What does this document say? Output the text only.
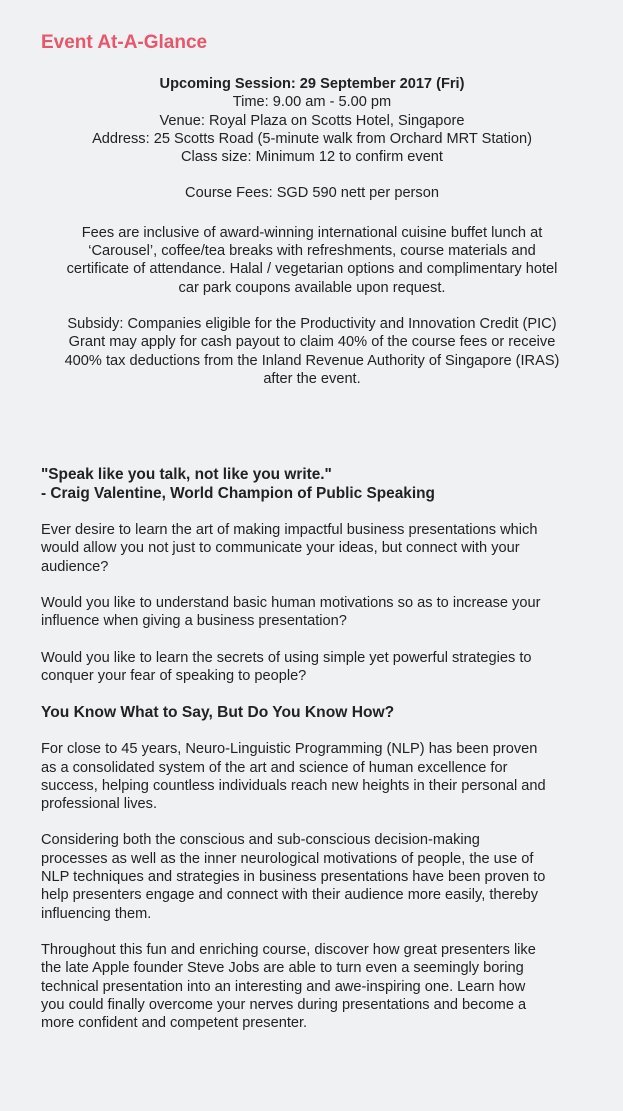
Event At-A-Glance
Upcoming Session: 29 September 2017 (Fri)
Time: 9.00 am - 5.00 pm
Venue: Royal Plaza on Scotts Hotel, Singapore
Address: 25 Scotts Road (5-minute walk from Orchard MRT Station)
Class size: Minimum 12 to confirm event
Course Fees: SGD 590 nett per person
Fees are inclusive of award-winning international cuisine buffet lunch at
‘Carousel’, coffee/tea breaks with refreshments, course materials and
certificate of attendance. Halal / vegetarian options and complimentary hotel
car park coupons available upon request.
Subsidy: Companies eligible for the Productivity and Innovation Credit (PIC)
Grant may apply for cash payout to claim 40% of the course fees or receive
400% tax deductions from the Inland Revenue Authority of Singapore (IRAS)
after the event.
"Speak like you talk, not like you write."
- Craig Valentine, World Champion of Public Speaking

Ever desire to learn the art of making impactful business presentations which
would allow you not just to communicate your ideas, but connect with your
audience?

Would you like to understand basic human motivations so as to increase your
influence when giving a business presentation?

Would you like to learn the secrets of using simple yet powerful strategies to
conquer your fear of speaking to people?

You Know What to Say, But Do You Know How?

For close to 45 years, Neuro-Linguistic Programming (NLP) has been proven
as a consolidated system of the art and science of human excellence for
success, helping countless individuals reach new heights in their personal and
professional lives.

Considering both the conscious and sub-conscious decision-making
processes as well as the inner neurological motivations of people, the use of
NLP techniques and strategies in business presentations have been proven to
help presenters engage and connect with their audience more easily, thereby
influencing them.

Throughout this fun and enriching course, discover how great presenters like
the late Apple founder Steve Jobs are able to turn even a seemingly boring
technical presentation into an interesting and awe-inspiring one. Learn how
you could finally overcome your nerves during presentations and become a
more confident and competent presenter.
